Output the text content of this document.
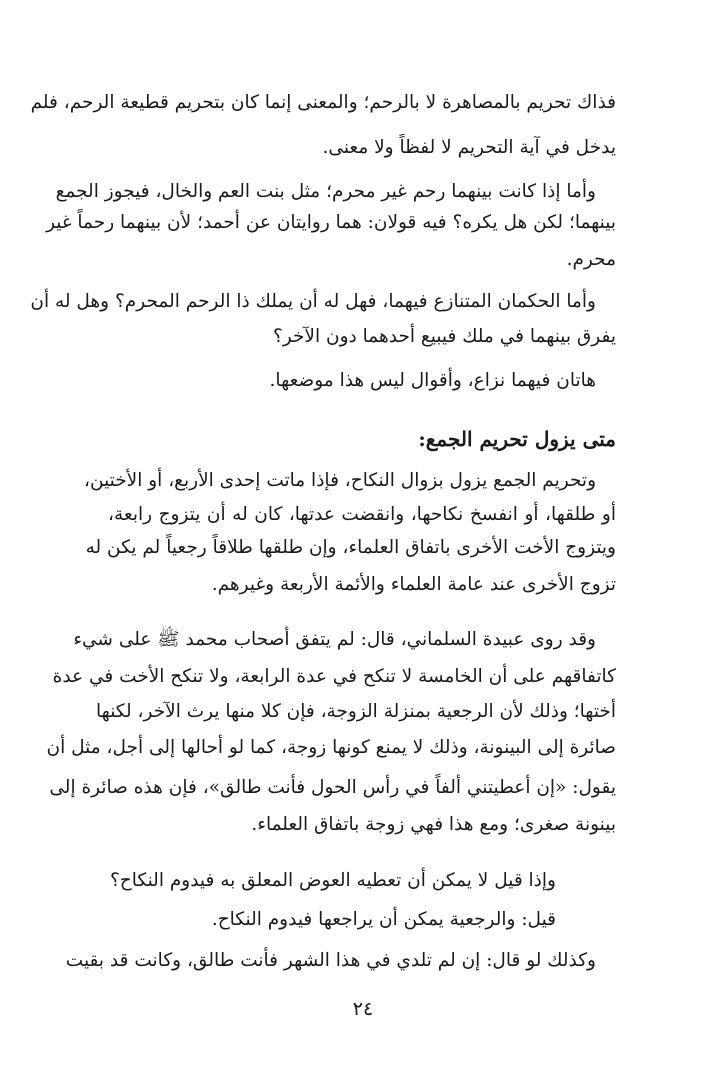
فذاك تحريم بالمصاهرة لا بالرحم؛ والمعنى إنما كان بتحريم قطيعة الرحم، فلم
يدخل في آية التحريم لا لفظاً ولا معنى.
وأما إذا كانت بينهما رحم غير محرم؛ مثل بنت العم والخال، فيجوز الجمع
بينهما؛ لكن هل يكره؟ فيه قولان: هما روايتان عن أحمد؛ لأن بينهما رحماً غير
محرم.
وأما الحكمان المتنازع فيهما، فهل له أن يملك ذا الرحم المحرم؟ وهل له أن
يفرق بينهما في ملك فيبيع أحدهما دون الآخر؟
هاتان فيهما نزاع، وأقوال ليس هذا موضعها.
متى يزول تحريم الجمع:
وتحريم الجمع يزول بزوال النكاح، فإذا ماتت إحدى الأربع، أو الأختين،
أو طلقها، أو انفسخ نكاحها، وانقضت عدتها، كان له أن يتزوج رابعة،
ويتزوج الأخت الأخرى باتفاق العلماء، وإن طلقها طلاقاً رجعياً لم يكن له
تزوج الأخرى عند عامة العلماء والأئمة الأربعة وغيرهم.
وقد روى عبيدة السلماني، قال: لم يتفق أصحاب محمد ﷺ على شيء
كاتفاقهم على أن الخامسة لا تنكح في عدة الرابعة، ولا تنكح الأخت في عدة
أختها؛ وذلك لأن الرجعية بمنزلة الزوجة، فإن كلا منها يرث الآخر، لكنها
صائرة إلى البينونة، وذلك لا يمنع كونها زوجة، كما لو أحالها إلى أجل، مثل أن
يقول: «إن أعطيتني ألفاً في رأس الحول فأنت طالق»، فإن هذه صائرة إلى
بينونة صغرى؛ ومع هذا فهي زوجة باتفاق العلماء.
وإذا قيل لا يمكن أن تعطيه العوض المعلق به فيدوم النكاح؟
قيل: والرجعية يمكن أن يراجعها فيدوم النكاح.
وكذلك لو قال: إن لم تلدي في هذا الشهر فأنت طالق، وكانت قد بقيت
٢٤
